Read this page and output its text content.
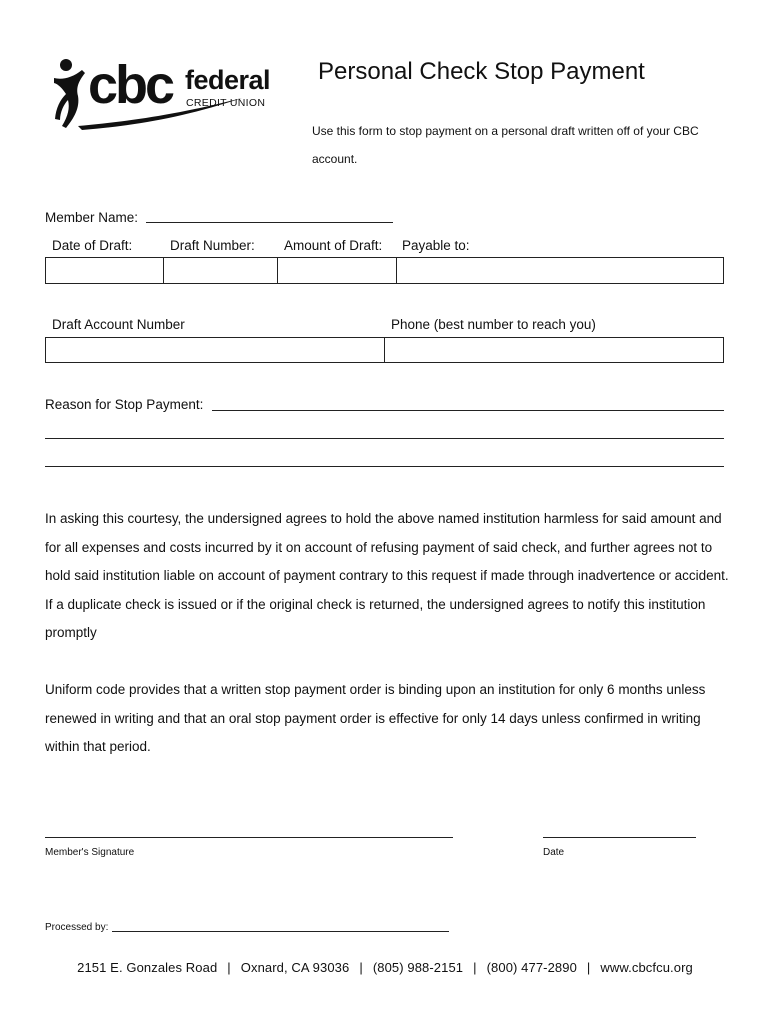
cbc federal
CREDIT UNION
Personal Check Stop Payment
Use this form to stop payment on a personal draft written off of your CBC account.
Member Name:
Date of Draft:	Draft Number: Amount of Draft: Payable to:
Draft Account Number	Phone (best number to reach you)
Reason for Stop Payment:
In asking this courtesy, the undersigned agrees to hold the above named institution harmless for said amount and for all expenses and costs incurred by it on account of refusing payment of said check, and further agrees not to hold said institution liable on account of payment contrary to this request if made through inadvertence or accident. If a duplicate check is issued or if the original check is returned, the undersigned agrees to notify this institution promptly
Uniform code provides that a written stop payment order is binding upon an institution for only 6 months unless renewed in writing and that an oral stop payment order is effective for only 14 days unless confirmed in writing within that period.
Member's Signature	Date
Processed by:
2151 E. Gonzales Road | Oxnard, CA 93036 | (805) 988-2151 | (800) 477-2890 | www.cbcfcu.org
